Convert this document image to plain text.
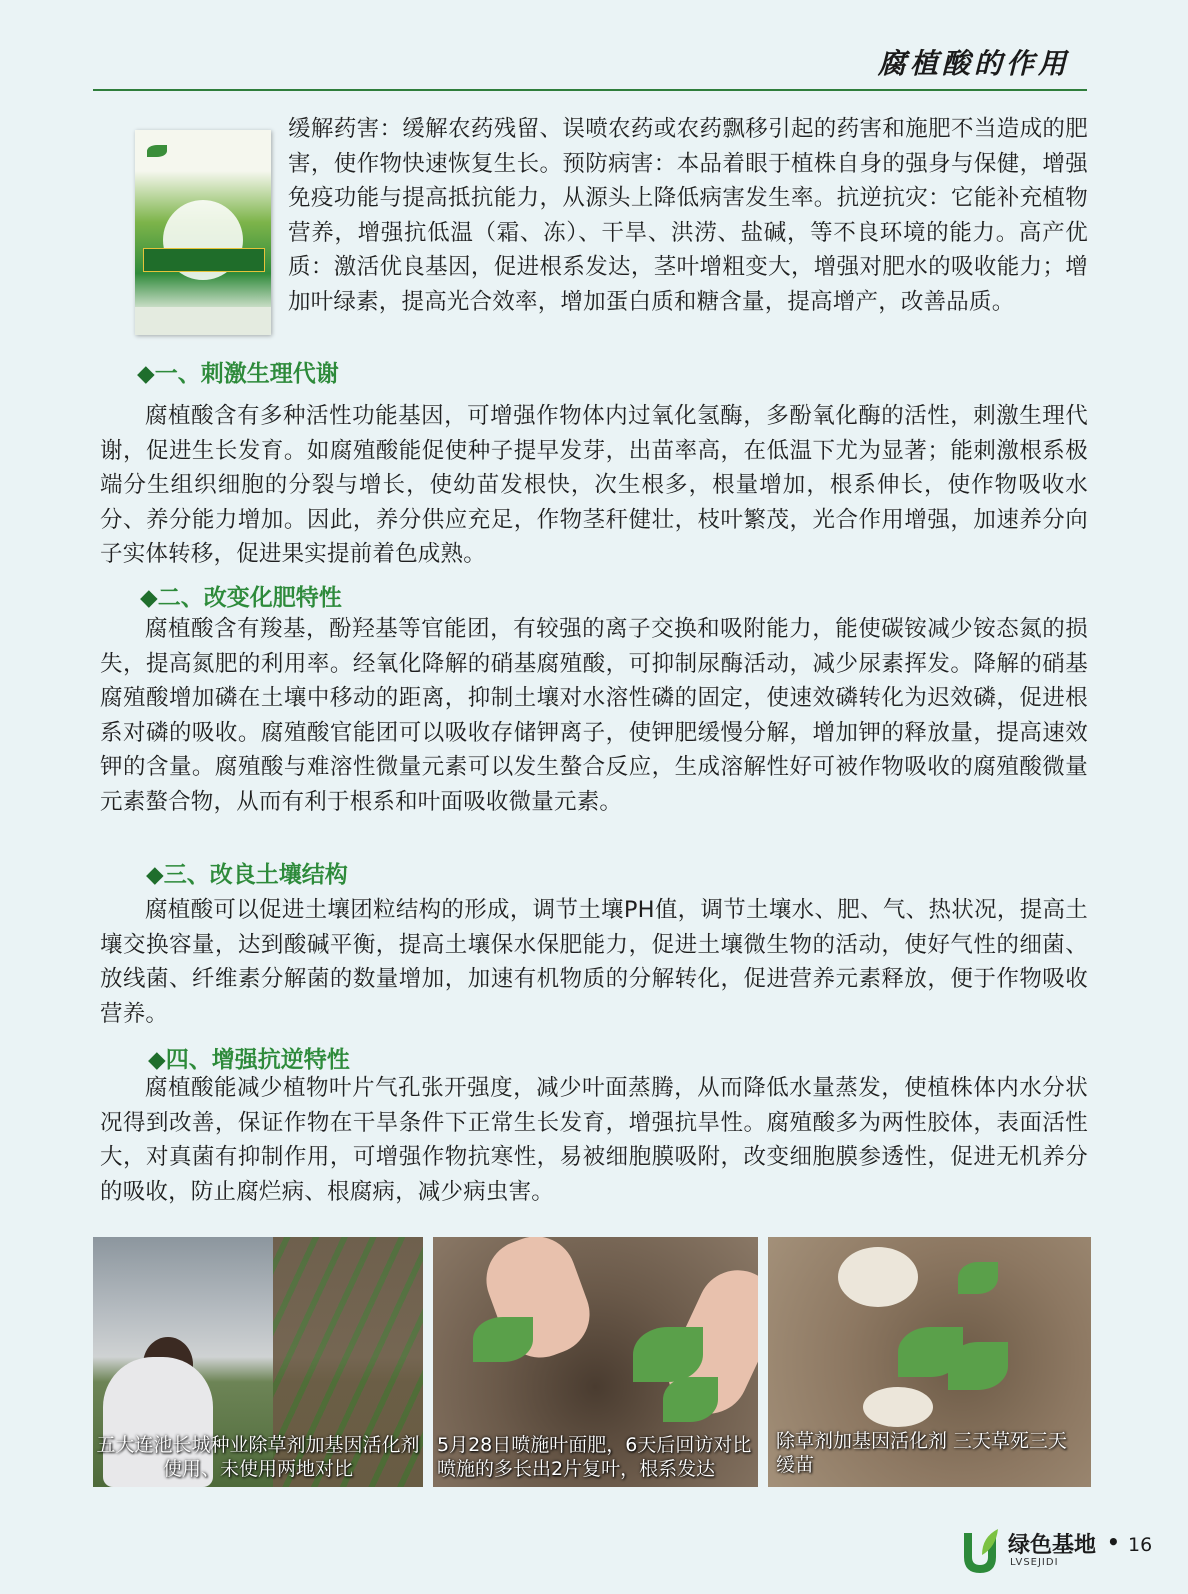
腐植酸的作用

缓解药害：缓解农药残留、误喷农药或农药飘移引起的药害和施肥不当造成的肥害，使作物快速恢复生长。预防病害：本品着眼于植株自身的强身与保健，增强免疫功能与提高抵抗能力，从源头上降低病害发生率。抗逆抗灾：它能补充植物营养，增强抗低温（霜、冻）、干旱、洪涝、盐碱，等不良环境的能力。高产优质：激活优良基因，促进根系发达，茎叶增粗变大，增强对肥水的吸收能力；增加叶绿素，提高光合效率，增加蛋白质和糖含量，提高增产，改善品质。

◆一、刺激生理代谢

腐植酸含有多种活性功能基因，可增强作物体内过氧化氢酶，多酚氧化酶的活性，刺激生理代谢，促进生长发育。如腐殖酸能促使种子提早发芽，出苗率高，在低温下尤为显著；能刺激根系极端分生组织细胞的分裂与增长，使幼苗发根快，次生根多，根量增加，根系伸长，使作物吸收水分、养分能力增加。因此，养分供应充足，作物茎秆健壮，枝叶繁茂，光合作用增强，加速养分向子实体转移，促进果实提前着色成熟。

◆二、改变化肥特性

腐植酸含有羧基，酚羟基等官能团，有较强的离子交换和吸附能力，能使碳铵减少铵态氮的损失，提高氮肥的利用率。经氧化降解的硝基腐殖酸，可抑制尿酶活动，减少尿素挥发。降解的硝基腐殖酸增加磷在土壤中移动的距离，抑制土壤对水溶性磷的固定，使速效磷转化为迟效磷，促进根系对磷的吸收。腐殖酸官能团可以吸收存储钾离子，使钾肥缓慢分解，增加钾的释放量，提高速效钾的含量。腐殖酸与难溶性微量元素可以发生螯合反应，生成溶解性好可被作物吸收的腐殖酸微量元素螯合物，从而有利于根系和叶面吸收微量元素。

◆三、改良土壤结构

腐植酸可以促进土壤团粒结构的形成，调节土壤PH值，调节土壤水、肥、气、热状况，提高土壤交换容量，达到酸碱平衡，提高土壤保水保肥能力，促进土壤微生物的活动，使好气性的细菌、放线菌、纤维素分解菌的数量增加，加速有机物质的分解转化，促进营养元素释放，便于作物吸收营养。

◆四、增强抗逆特性

腐植酸能减少植物叶片气孔张开强度，减少叶面蒸腾，从而降低水量蒸发，使植株体内水分状况得到改善，保证作物在干旱条件下正常生长发育，增强抗旱性。腐殖酸多为两性胶体，表面活性大，对真菌有抑制作用，可增强作物抗寒性，易被细胞膜吸附，改变细胞膜参透性，促进无机养分的吸收，防止腐烂病、根腐病，减少病虫害。

五大连池长城种业除草剂加基因活化剂使用、未使用两地对比

5月28日喷施叶面肥，6天后回访对比喷施的多长出2片复叶，根系发达

除草剂加基因活化剂 三天草死三天缓苗

绿色基地
LVSEJIDI
• 16
